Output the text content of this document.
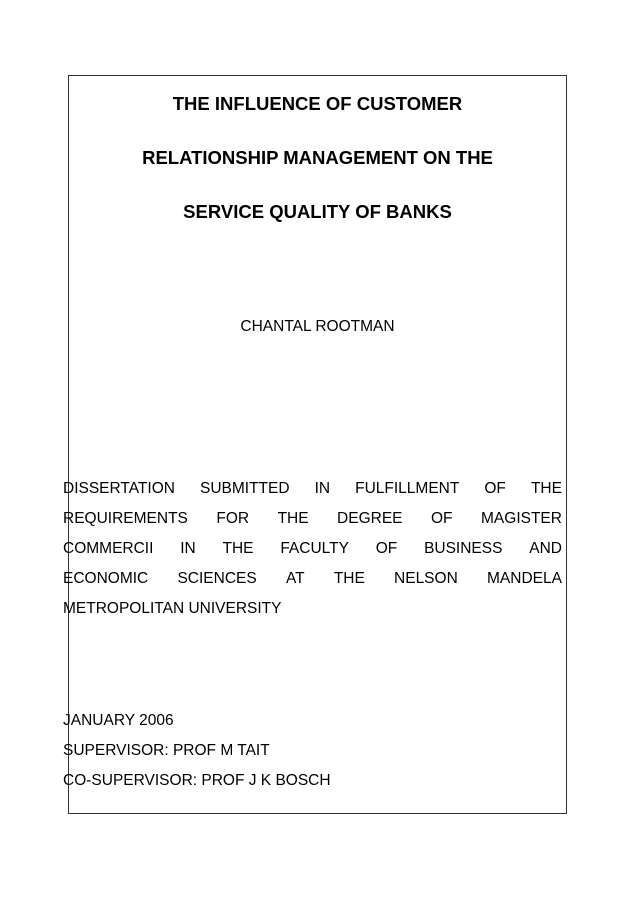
THE INFLUENCE OF CUSTOMER
RELATIONSHIP MANAGEMENT ON THE
SERVICE QUALITY OF BANKS
CHANTAL ROOTMAN
DISSERTATION SUBMITTED IN FULFILLMENT OF THE
REQUIREMENTS FOR THE DEGREE OF MAGISTER
COMMERCII IN THE FACULTY OF BUSINESS AND
ECONOMIC SCIENCES AT THE NELSON MANDELA
METROPOLITAN UNIVERSITY
JANUARY 2006
SUPERVISOR: PROF M TAIT
CO-SUPERVISOR: PROF J K BOSCH
